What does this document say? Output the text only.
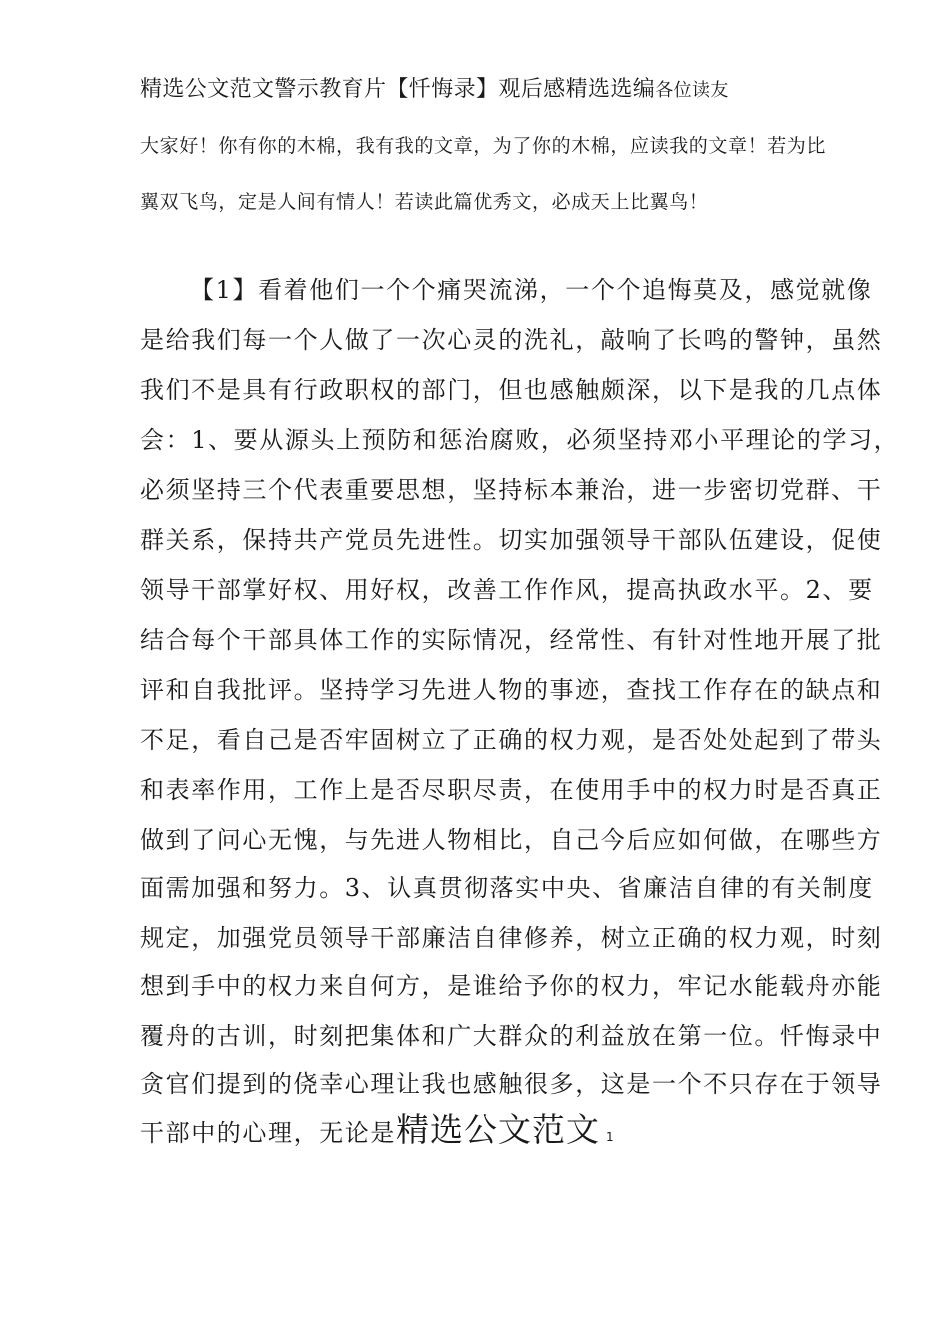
精选公文范文警示教育片【忏悔录】观后感精选选编各位读友

大家好！你有你的木棉，我有我的文章，为了你的木棉，应读我的文章！若为比

翼双飞鸟，定是人间有情人！若读此篇优秀文，必成天上比翼鸟！

【1】看着他们一个个痛哭流涕，一个个追悔莫及，感觉就像

是给我们每一个人做了一次心灵的洗礼，敲响了长鸣的警钟，虽然

我们不是具有行政职权的部门，但也感触颇深，以下是我的几点体

会：1、要从源头上预防和惩治腐败，必须坚持邓小平理论的学习，

必须坚持三个代表重要思想，坚持标本兼治，进一步密切党群、干

群关系，保持共产党员先进性。切实加强领导干部队伍建设，促使

领导干部掌好权、用好权，改善工作作风，提高执政水平。2、要

结合每个干部具体工作的实际情况，经常性、有针对性地开展了批

评和自我批评。坚持学习先进人物的事迹，查找工作存在的缺点和

不足，看自己是否牢固树立了正确的权力观，是否处处起到了带头

和表率作用，工作上是否尽职尽责，在使用手中的权力时是否真正

做到了问心无愧，与先进人物相比，自己今后应如何做，在哪些方

面需加强和努力。3、认真贯彻落实中央、省廉洁自律的有关制度

规定，加强党员领导干部廉洁自律修养，树立正确的权力观，时刻

想到手中的权力来自何方，是谁给予你的权力，牢记水能载舟亦能

覆舟的古训，时刻把集体和广大群众的利益放在第一位。忏悔录中

贪官们提到的侥幸心理让我也感触很多，这是一个不只存在于领导

干部中的心理，无论是精选公文范文 1
